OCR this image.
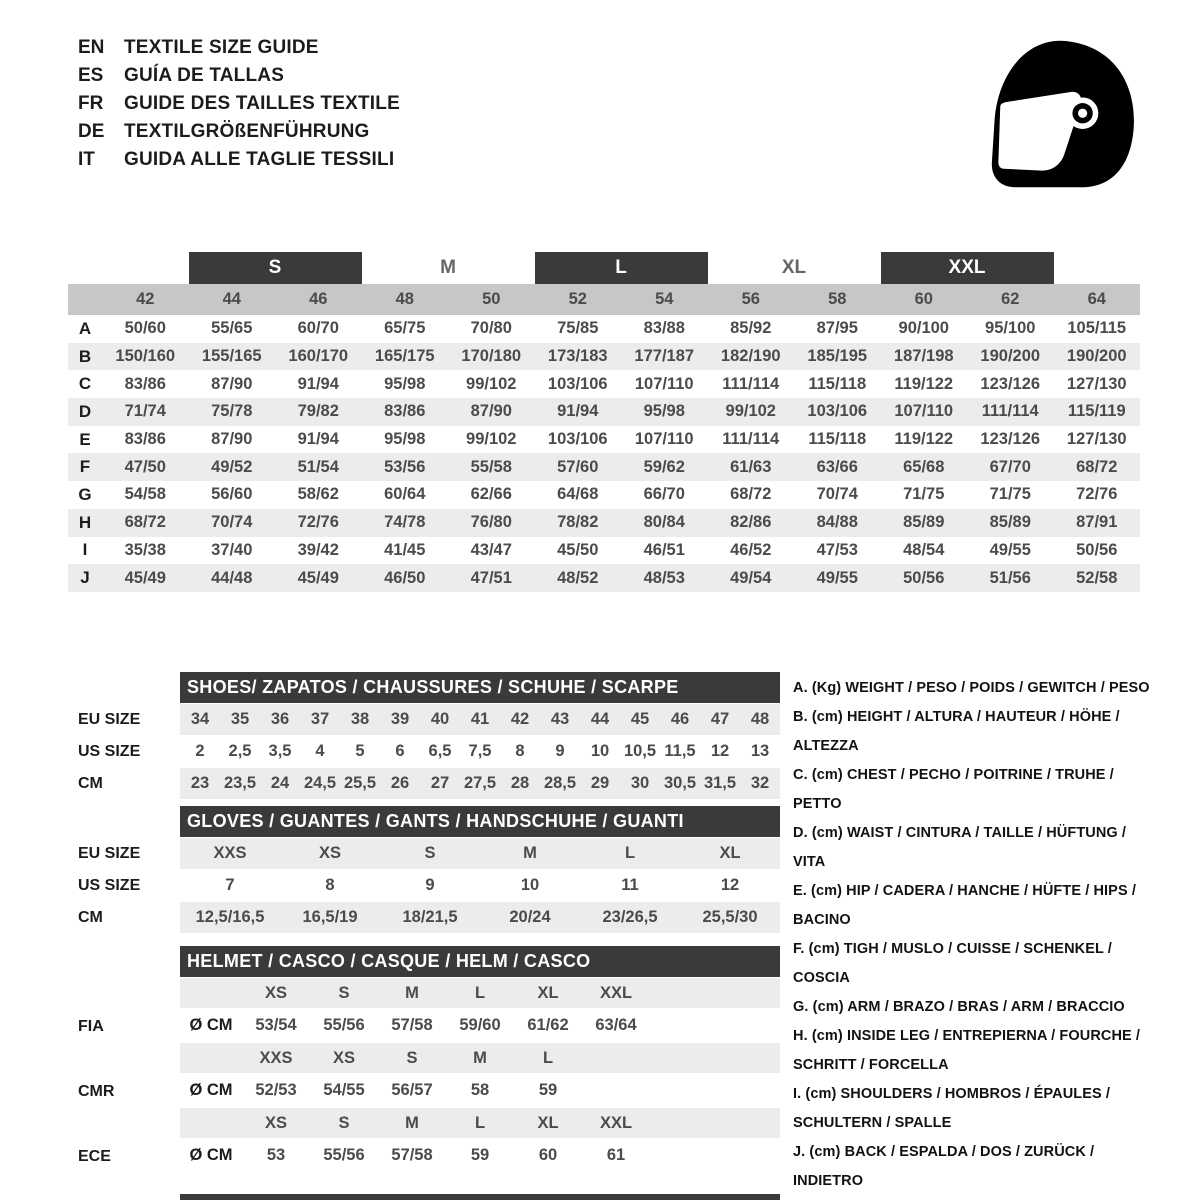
EN	TEXTILE SIZE GUIDE
ES	GUÍA DE TALLAS
FR	GUIDE DES TAILLES TEXTILE
DE	TEXTILGRÖßENFÜHRUNG
IT	GUIDA ALLE TAGLIE TESSILI
S	M	L	XL	XXL
42	44	46	48	50	52	54	56	58	60	62	64
A	50/60	55/65	60/70	65/75	70/80	75/85	83/88	85/92	87/95	90/100	95/100	105/115
B	150/160	155/165	160/170	165/175	170/180	173/183	177/187	182/190	185/195	187/198	190/200	190/200
C	83/86	87/90	91/94	95/98	99/102	103/106	107/110	111/114	115/118	119/122	123/126	127/130
D	71/74	75/78	79/82	83/86	87/90	91/94	95/98	99/102	103/106	107/110	111/114	115/119
E	83/86	87/90	91/94	95/98	99/102	103/106	107/110	111/114	115/118	119/122	123/126	127/130
F	47/50	49/52	51/54	53/56	55/58	57/60	59/62	61/63	63/66	65/68	67/70	68/72
G	54/58	56/60	58/62	60/64	62/66	64/68	66/70	68/72	70/74	71/75	71/75	72/76
H	68/72	70/74	72/76	74/78	76/80	78/82	80/84	82/86	84/88	85/89	85/89	87/91
I	35/38	37/40	39/42	41/45	43/47	45/50	46/51	46/52	47/53	48/54	49/55	50/56
J	45/49	44/48	45/49	46/50	47/51	48/52	48/53	49/54	49/55	50/56	51/56	52/58
SHOES/ ZAPATOS / CHAUSSURES / SCHUHE / SCARPE
EU SIZE	34	35	36	37	38	39	40	41	42	43	44	45	46	47	48
US SIZE	2	2,5	3,5	4	5	6	6,5	7,5	8	9	10 10,5 11,5 12	13
CM	23 23,5 24 24,5 25,5 26	27 27,5 28 28,5 29	30 30,5 31,5 32
GLOVES / GUANTES / GANTS / HANDSCHUHE / GUANTI
EU SIZE	XXS	XS	S	M	L	XL
US SIZE	7	8	9	10	11	12
CM	12,5/16,5	16,5/19	18/21,5	20/24	23/26,5	25,5/30
HELMET / CASCO / CASQUE / HELM / CASCO
FIA
XS	S	M	L	XL	XXL
Ø CM	53/54	55/56	57/58	59/60	61/62	63/64
CMR
XXS	XS	S	M	L
Ø CM	52/53	54/55	56/57	58	59
ECE
XS	S	M	L	XL	XXL
Ø CM	53	55/56	57/58	59	60	61
A. (Kg) WEIGHT / PESO / POIDS / GEWITCH / PESO
B. (cm) HEIGHT / ALTURA / HAUTEUR / HÖHE / ALTEZZA
C. (cm) CHEST / PECHO / POITRINE / TRUHE / PETTO
D. (cm) WAIST / CINTURA / TAILLE / HÜFTUNG / VITA
E. (cm) HIP / CADERA / HANCHE / HÜFTE / HIPS / BACINO
F. (cm) TIGH / MUSLO / CUISSE / SCHENKEL / COSCIA
G. (cm) ARM / BRAZO / BRAS / ARM / BRACCIO
H. (cm) INSIDE LEG / ENTREPIERNA / FOURCHE / SCHRITT / FORCELLA
I. (cm) SHOULDERS / HOMBROS / ÉPAULES / SCHULTERN / SPALLE
J. (cm) BACK / ESPALDA / DOS / ZURÜCK / INDIETRO
